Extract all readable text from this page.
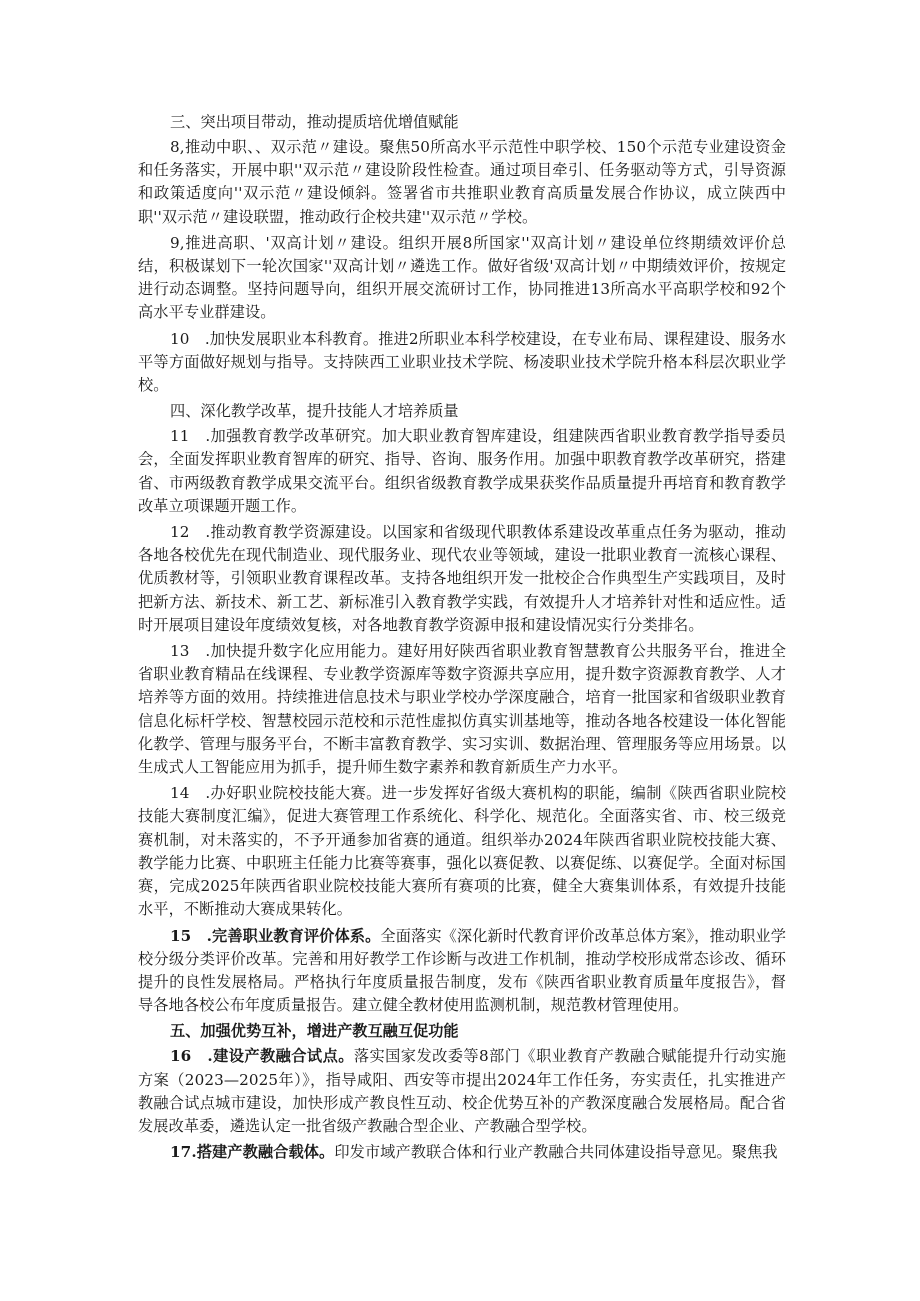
三、突出项目带动，推动提质培优增值赋能

8,推动中职、、双示范〃建设。聚焦50所高水平示范性中职学校、150个示范专业建设资金和任务落实，开展中职''双示范〃建设阶段性检查。通过项目牵引、任务驱动等方式，引导资源和政策适度向''双示范〃建设倾斜。签署省市共推职业教育高质量发展合作协议，成立陕西中职''双示范〃建设联盟，推动政行企校共建''双示范〃学校。

9,推进高职、'双高计划〃建设。组织开展8所国家''双高计划〃建设单位终期绩效评价总结，积极谋划下一轮次国家''双高计划〃遴选工作。做好省级'双高计划〃中期绩效评价，按规定进行动态调整。坚持问题导向，组织开展交流研讨工作，协同推进13所高水平高职学校和92个高水平专业群建设。

10　.加快发展职业本科教育。推进2所职业本科学校建设，在专业布局、课程建设、服务水平等方面做好规划与指导。支持陕西工业职业技术学院、杨凌职业技术学院升格本科层次职业学校。

四、深化教学改革，提升技能人才培养质量

11　.加强教育教学改革研究。加大职业教育智库建设，组建陕西省职业教育教学指导委员会，全面发挥职业教育智库的研究、指导、咨询、服务作用。加强中职教育教学改革研究，搭建省、市两级教育教学成果交流平台。组织省级教育教学成果获奖作品质量提升再培育和教育教学改革立项课题开题工作。

12　.推动教育教学资源建设。以国家和省级现代职教体系建设改革重点任务为驱动，推动各地各校优先在现代制造业、现代服务业、现代农业等领域，建设一批职业教育一流核心课程、优质教材等，引领职业教育课程改革。支持各地组织开发一批校企合作典型生产实践项目，及时把新方法、新技术、新工艺、新标准引入教育教学实践，有效提升人才培养针对性和适应性。适时开展项目建设年度绩效复核，对各地教育教学资源申报和建设情况实行分类排名。

13　.加快提升数字化应用能力。建好用好陕西省职业教育智慧教育公共服务平台，推进全省职业教育精品在线课程、专业教学资源库等数字资源共享应用，提升数字资源教育教学、人才培养等方面的效用。持续推进信息技术与职业学校办学深度融合，培育一批国家和省级职业教育信息化标杆学校、智慧校园示范校和示范性虚拟仿真实训基地等，推动各地各校建设一体化智能化教学、管理与服务平台，不断丰富教育教学、实习实训、数据治理、管理服务等应用场景。以生成式人工智能应用为抓手，提升师生数字素养和教育新质生产力水平。

14　.办好职业院校技能大赛。进一步发挥好省级大赛机构的职能，编制《陕西省职业院校技能大赛制度汇编》，促进大赛管理工作系统化、科学化、规范化。全面落实省、市、校三级竞赛机制，对未落实的，不予开通参加省赛的通道。组织举办2024年陕西省职业院校技能大赛、教学能力比赛、中职班主任能力比赛等赛事，强化以赛促教、以赛促练、以赛促学。全面对标国赛，完成2025年陕西省职业院校技能大赛所有赛项的比赛，健全大赛集训体系，有效提升技能水平，不断推动大赛成果转化。

15　.完善职业教育评价体系。全面落实《深化新时代教育评价改革总体方案》，推动职业学校分级分类评价改革。完善和用好教学工作诊断与改进工作机制，推动学校形成常态诊改、循环提升的良性发展格局。严格执行年度质量报告制度，发布《陕西省职业教育质量年度报告》，督导各地各校公布年度质量报告。建立健全教材使用监测机制，规范教材管理使用。

五、加强优势互补，增进产教互融互促功能

16　.建设产教融合试点。落实国家发改委等8部门《职业教育产教融合赋能提升行动实施方案（2023—2025年）》，指导咸阳、西安等市提出2024年工作任务，夯实责任，扎实推进产教融合试点城市建设，加快形成产教良性互动、校企优势互补的产教深度融合发展格局。配合省发展改革委，遴选认定一批省级产教融合型企业、产教融合型学校。

17.搭建产教融合载体。印发市域产教联合体和行业产教融合共同体建设指导意见。聚焦我
